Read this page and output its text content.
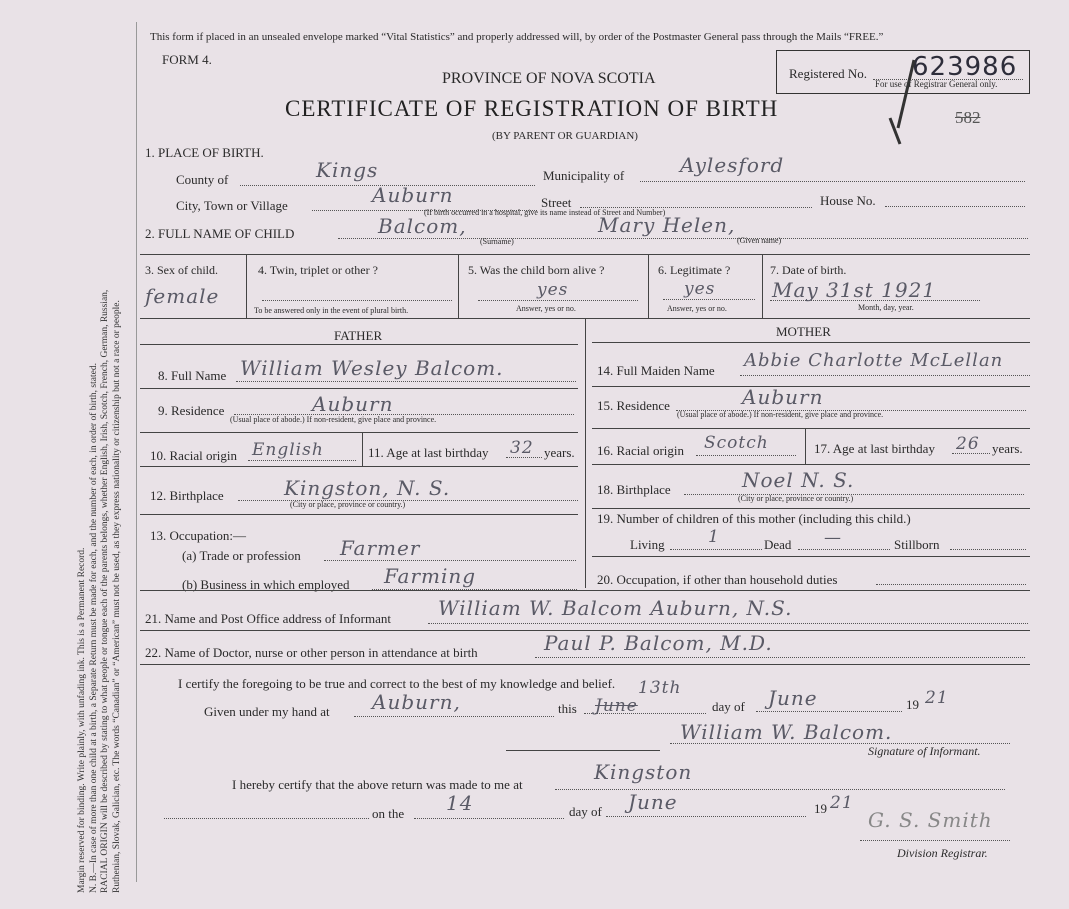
Margin reserved for binding. Write plainly, with unfading ink. This is a Permanent Record. N. B.—In case of more than one child at a birth, a Separate Return must be made for each, and the number of each, in order of birth, stated. RACIAL ORIGIN will be described by stating to what people or tongue each of the parents belongs, whether English, Irish, Scotch, French, German, Russian, Ruthenian, Slovak, Galician, etc. The words “Canadian” or “American” must not be used, as they express nationality or citizenship but not a race or people.
This form if placed in an unsealed envelope marked “Vital Statistics” and properly addressed will, by order of the Postmaster General pass through the Mails “FREE.”
FORM 4.
PROVINCE OF NOVA SCOTIA
CERTIFICATE OF REGISTRATION OF BIRTH
(BY PARENT OR GUARDIAN)
Registered No.
For use of Registrar General only.
623986
582
1. PLACE OF BIRTH.
County of	Kings	Municipality of	Aylesford
City, Town or Village	Auburn	Street	House No.
(If birth occurred in a hospital, give its name instead of Street and Number)
2. FULL NAME OF CHILD	Balcom,
(Surname)
Mary Helen,
(Given name)
3. Sex of child.
female
4. Twin, triplet or other ?
To be answered only in the event of plural birth.
5. Was the child born alive ?
yes
Answer, yes or no.
6. Legitimate ?
yes
Answer, yes or no.
7. Date of birth.
May 31st 1921
Month, day, year.
FATHER	MOTHER
8. Full Name William Wesley Balcom.
9. Residence	Auburn
(Usual place of abode.) If non-resident, give place and province.
10. Racial origin English	11. Age at last birthday 32 years.
12. Birthplace	Kingston, N. S.
(City or place, province or country.)
13. Occupation:—
(a) Trade or profession Farmer
(b) Business in which employed Farming
14. Full Maiden Name Abbie Charlotte McLellan
15. Residence	Auburn
(Usual place of abode.) If non-resident, give place and province.
16. Racial origin Scotch	17. Age at last birthday 26 years.
18. Birthplace	Noel N. S.
(City or place, province or country.)
19. Number of children of this mother (including this child.)
Living	1	Dead —	Stillborn
20. Occupation, if other than household duties
21. Name and Post Office address of Informant William W. Balcom Auburn, N.S.
22. Name of Doctor, nurse or other person in attendance at birth	Paul P. Balcom, M.D.
I certify the foregoing to be true and correct to the best of my knowledge and belief.
Given under my hand at Auburn,	this June
13th
day of June	19 21
William W. Balcom.
Signature of Informant.
I hereby certify that the above return was made to me at
Kingston
on the 14	day of June	19 21
G. S. Smith
Division Registrar.
